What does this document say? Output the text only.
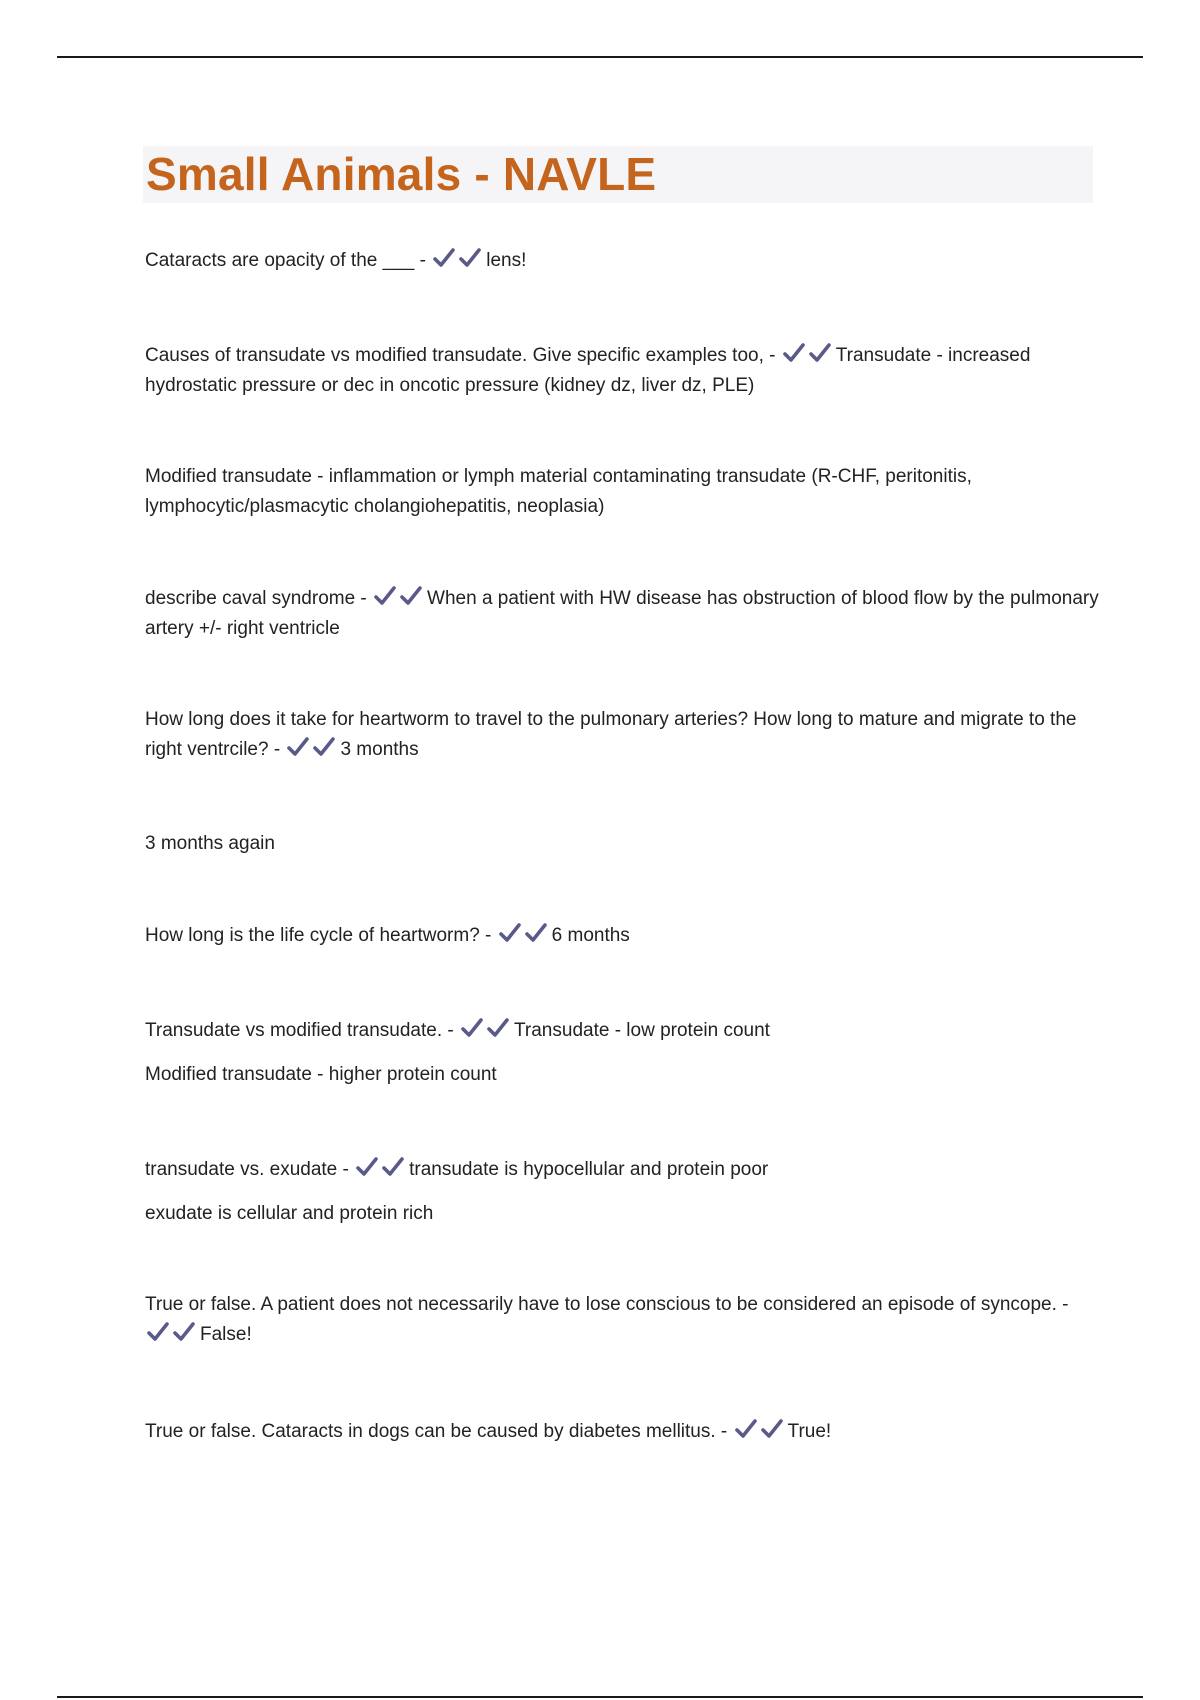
Small Animals - NAVLE

Cataracts are opacity of the ___ -	lens!

Causes of transudate vs modified transudate. Give specific examples too, -	Transudate - increased hydrostatic pressure or dec in oncotic pressure (kidney dz, liver dz, PLE)

Modified transudate - inflammation or lymph material contaminating transudate (R-CHF, peritonitis, lymphocytic/plasmacytic cholangiohepatitis, neoplasia)

describe caval syndrome -	When a patient with HW disease has obstruction of blood flow by the pulmonary artery +/- right ventricle

How long does it take for heartworm to travel to the pulmonary arteries? How long to mature and migrate to the right ventrcile? -	3 months

3 months again

How long is the life cycle of heartworm? -	6 months

Transudate vs modified transudate. -	Transudate - low protein count

Modified transudate - higher protein count

transudate vs. exudate -	transudate is hypocellular and protein poor

exudate is cellular and protein rich

True or false. A patient does not necessarily have to lose conscious to be considered an episode of syncope. -
False!

True or false. Cataracts in dogs can be caused by diabetes mellitus. -	True!
